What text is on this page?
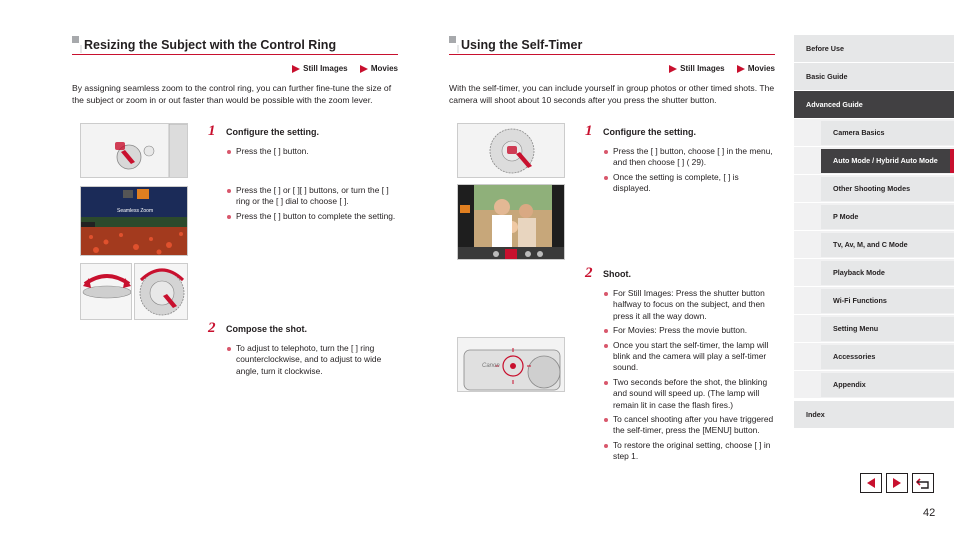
Resizing the Subject with the Control Ring
Still Images
	Movies

By assigning seamless zoom to the control ring, you can further fine-tune the size of the subject or zoom in or out faster than would be possible with the zoom lever.

Seamless Zoom
1	Configure the setting.
Press the [ ] button.
Press the [ ] or [ ][ ] buttons, or turn the [ ] ring or the [ ] dial to choose [ ].
Press the [ ] button to complete the setting.
2	Compose the shot.
To adjust to telephoto, turn the [ ] ring counterclockwise, and to adjust to wide angle, turn it clockwise.
Using the Self-Timer
Still Images
	Movies

With the self-timer, you can include yourself in group photos or other timed shots. The camera will shoot about 10 seconds after you press the shutter button.

Canon
1	Configure the setting.
Press the [ ] button, choose [ ] in the menu, and then choose [ ] ( 29).
Once the setting is complete, [ ] is displayed.
2	Shoot.
For Still Images: Press the shutter button halfway to focus on the subject, and then press it all the way down.
For Movies: Press the movie button.
Once you start the self-timer, the lamp will blink and the camera will play a self-timer sound.
Two seconds before the shot, the blinking and sound will speed up. (The lamp will remain lit in case the flash fires.)
To cancel shooting after you have triggered the self-timer, press the [MENU] button.
To restore the original setting, choose [ ] in step 1.
Before Use
Basic Guide
Advanced Guide
Camera Basics
Auto Mode / Hybrid Auto Mode
Other Shooting Modes
P Mode
Tv, Av, M, and C Mode
Playback Mode
Wi-Fi Functions
Setting Menu
Accessories
Appendix
Index
42
